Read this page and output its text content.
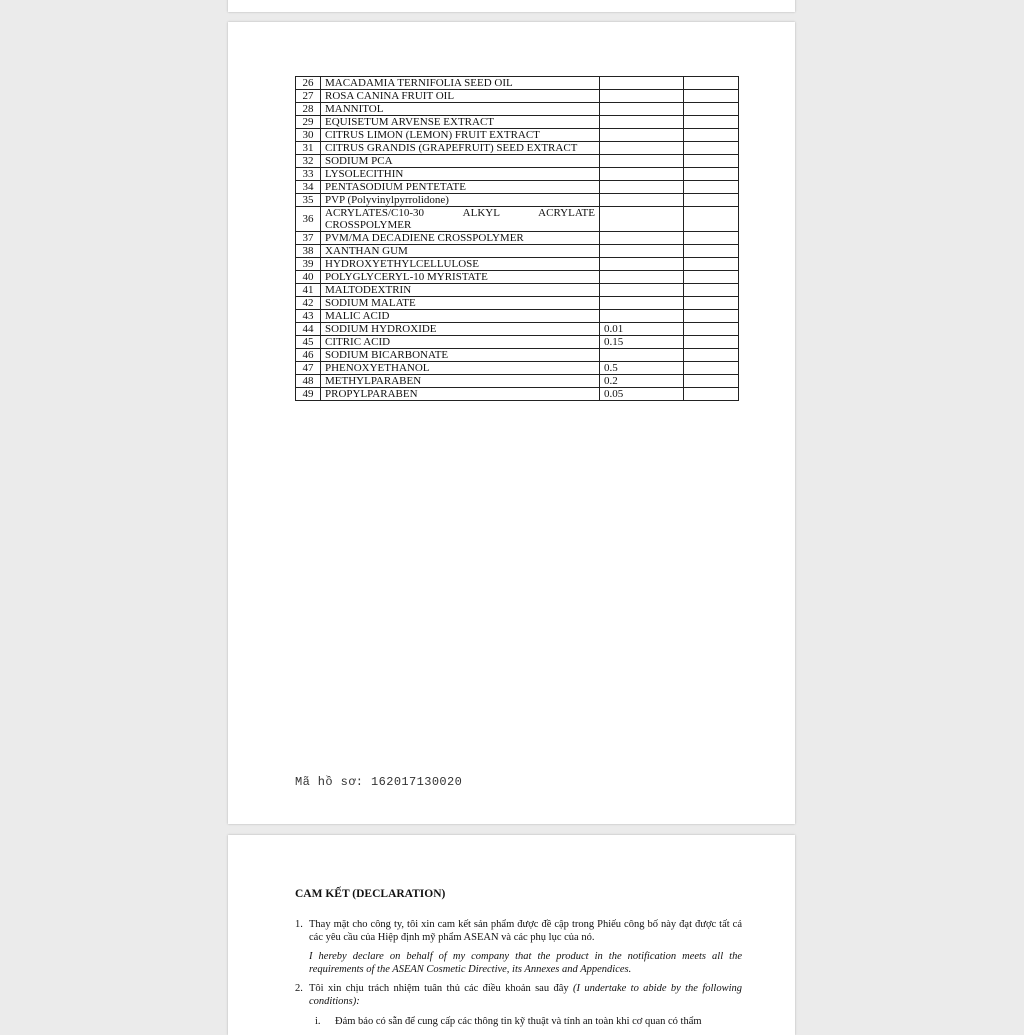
26	MACADAMIA TERNIFOLIA SEED OIL		
27	ROSA CANINA FRUIT OIL		
28	MANNITOL		
29	EQUISETUM ARVENSE EXTRACT		
30	CITRUS LIMON (LEMON) FRUIT EXTRACT		
31	CITRUS GRANDIS (GRAPEFRUIT) SEED EXTRACT		
32	SODIUM PCA		
33	LYSOLECITHIN		
34	PENTASODIUM PENTETATE		
35	PVP (Polyvinylpyrrolidone)		
36	ACRYLATES/C10-30 ALKYL ACRYLATE CROSSPOLYMER		
37	PVM/MA DECADIENE CROSSPOLYMER		
38	XANTHAN GUM		
39	HYDROXYETHYLCELLULOSE		
40	POLYGLYCERYL-10 MYRISTATE		
41	MALTODEXTRIN		
42	SODIUM MALATE		
43	MALIC ACID		
44	SODIUM HYDROXIDE	0.01	
45	CITRIC ACID	0.15	
46	SODIUM BICARBONATE		
47	PHENOXYETHANOL	0.5	
48	METHYLPARABEN	0.2	
49	PROPYLPARABEN	0.05	
Mã hồ sơ: 162017130020
CAM KẾT (DECLARATION)
1. Thay mặt cho công ty, tôi xin cam kết sản phẩm được đề cập trong Phiếu công bố này đạt được tất cả các yêu cầu của Hiệp định mỹ phẩm ASEAN và các phụ lục của nó.
I hereby declare on behalf of my company that the product in the notification meets all the requirements of the ASEAN Cosmetic Directive, its Annexes and Appendices.
2. Tôi xin chịu trách nhiệm tuân thủ các điều khoản sau đây (I undertake to abide by the following conditions):
i. Đảm bảo có sẵn để cung cấp các thông tin kỹ thuật và tính an toàn khi cơ quan có thẩm
